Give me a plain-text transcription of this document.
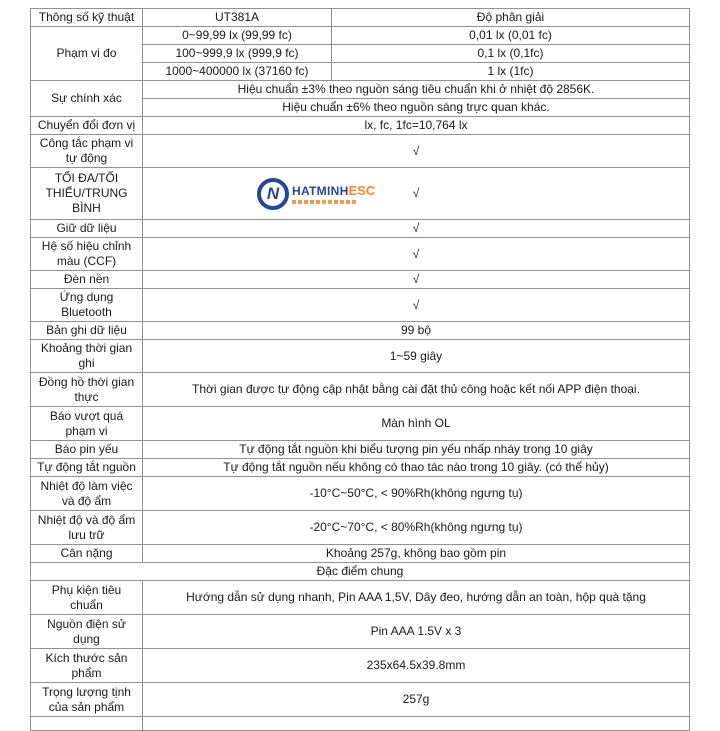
Thông số kỹ thuật	UT381A	Độ phân giải
Phạm vi đo	0~99,99 lx (99,99 fc)	0,01 lx (0,01 fc)
	100~999,9 lx (999,9 fc)	0,1 lx (0,1fc)
	1000~400000 lx (37160 fc)	1 lx (1fc)
Sự chính xác	Hiệu chuẩn ±3% theo nguồn sáng tiêu chuẩn khi ở nhiệt độ 2856K.	
	Hiệu chuẩn ±6% theo nguồn sáng trực quan khác.	
Chuyển đổi đơn vị	lx, fc, 1fc=10,764 lx	
Công tắc phạm vi tự động	√	
TỐI ĐA/TỐI THIỂU/TRUNG BÌNH	√
N HATMINHESC	

Giữ dữ liệu	√	
Hệ số hiệu chỉnh màu (CCF)	√	
Đèn nền	√	
Ứng dụng Bluetooth	√	
Bản ghi dữ liệu	99 bộ	
Khoảng thời gian ghi	1~59 giây	
Đồng hồ thời gian thực	Thời gian được tự động cập nhật bằng cài đặt thủ công hoặc kết nối APP điện thoại.	
Báo vượt quá phạm vi	Màn hình OL	
Báo pin yếu	Tự động tắt nguồn khi biểu tượng pin yếu nhấp nháy trong 10 giây	
Tự động tắt nguồn	Tự động tắt nguồn nếu không có thao tác nào trong 10 giây. (có thể hủy)	
Nhiệt độ làm việc và độ ẩm	-10°C~50°C, < 90%Rh(không ngưng tụ)	
Nhiệt độ và độ ẩm lưu trữ	-20°C~70°C, < 80%Rh(không ngưng tụ)	
Cân nặng	Khoảng 257g, không bao gồm pin	
Đặc điểm chung		
Phụ kiện tiêu chuẩn	Hướng dẫn sử dụng nhanh, Pin AAA 1,5V, Dây đeo, hướng dẫn an toàn, hộp quà tặng	
Nguồn điện sử dụng	Pin AAA 1.5V x 3	
Kích thước sản phẩm	235x64.5x39.8mm	
Trọng lượng tịnh của sản phẩm	257g	
